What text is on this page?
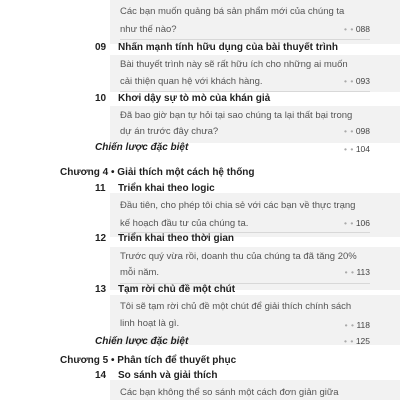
Các bạn muốn quảng bá sản phẩm mới của chúng ta
như thế nào?	• • 088
09 Nhấn mạnh tính hữu dụng của bài thuyết trình
Bài thuyết trình này sẽ rất hữu ích cho những ai muốn
cải thiện quan hệ với khách hàng.	• • 093
10 Khơi dậy sự tò mò của khán giả
Đã bao giờ bạn tự hỏi tại sao chúng ta lại thất bại trong
dự án trước đây chưa?	• • 098
Chiến lược đặc biệt	• • 104
Chương 4 • Giải thích một cách hệ thống
11 Triển khai theo logic
Đầu tiên, cho phép tôi chia sẻ với các bạn về thực trạng
kế hoạch đầu tư của chúng ta.	• • 106
12 Triển khai theo thời gian
Trước quý vừa rồi, doanh thu của chúng ta đã tăng 20%
mỗi năm.	• • 113
13 Tạm rời chủ đề một chút
Tôi sẽ tạm rời chủ đề một chút để giải thích chính sách
linh hoạt là gì.	• • 118
Chiến lược đặc biệt	• • 125
Chương 5 • Phân tích để thuyết phục
14 So sánh và giải thích
Các bạn không thể so sánh một cách đơn giản giữa
